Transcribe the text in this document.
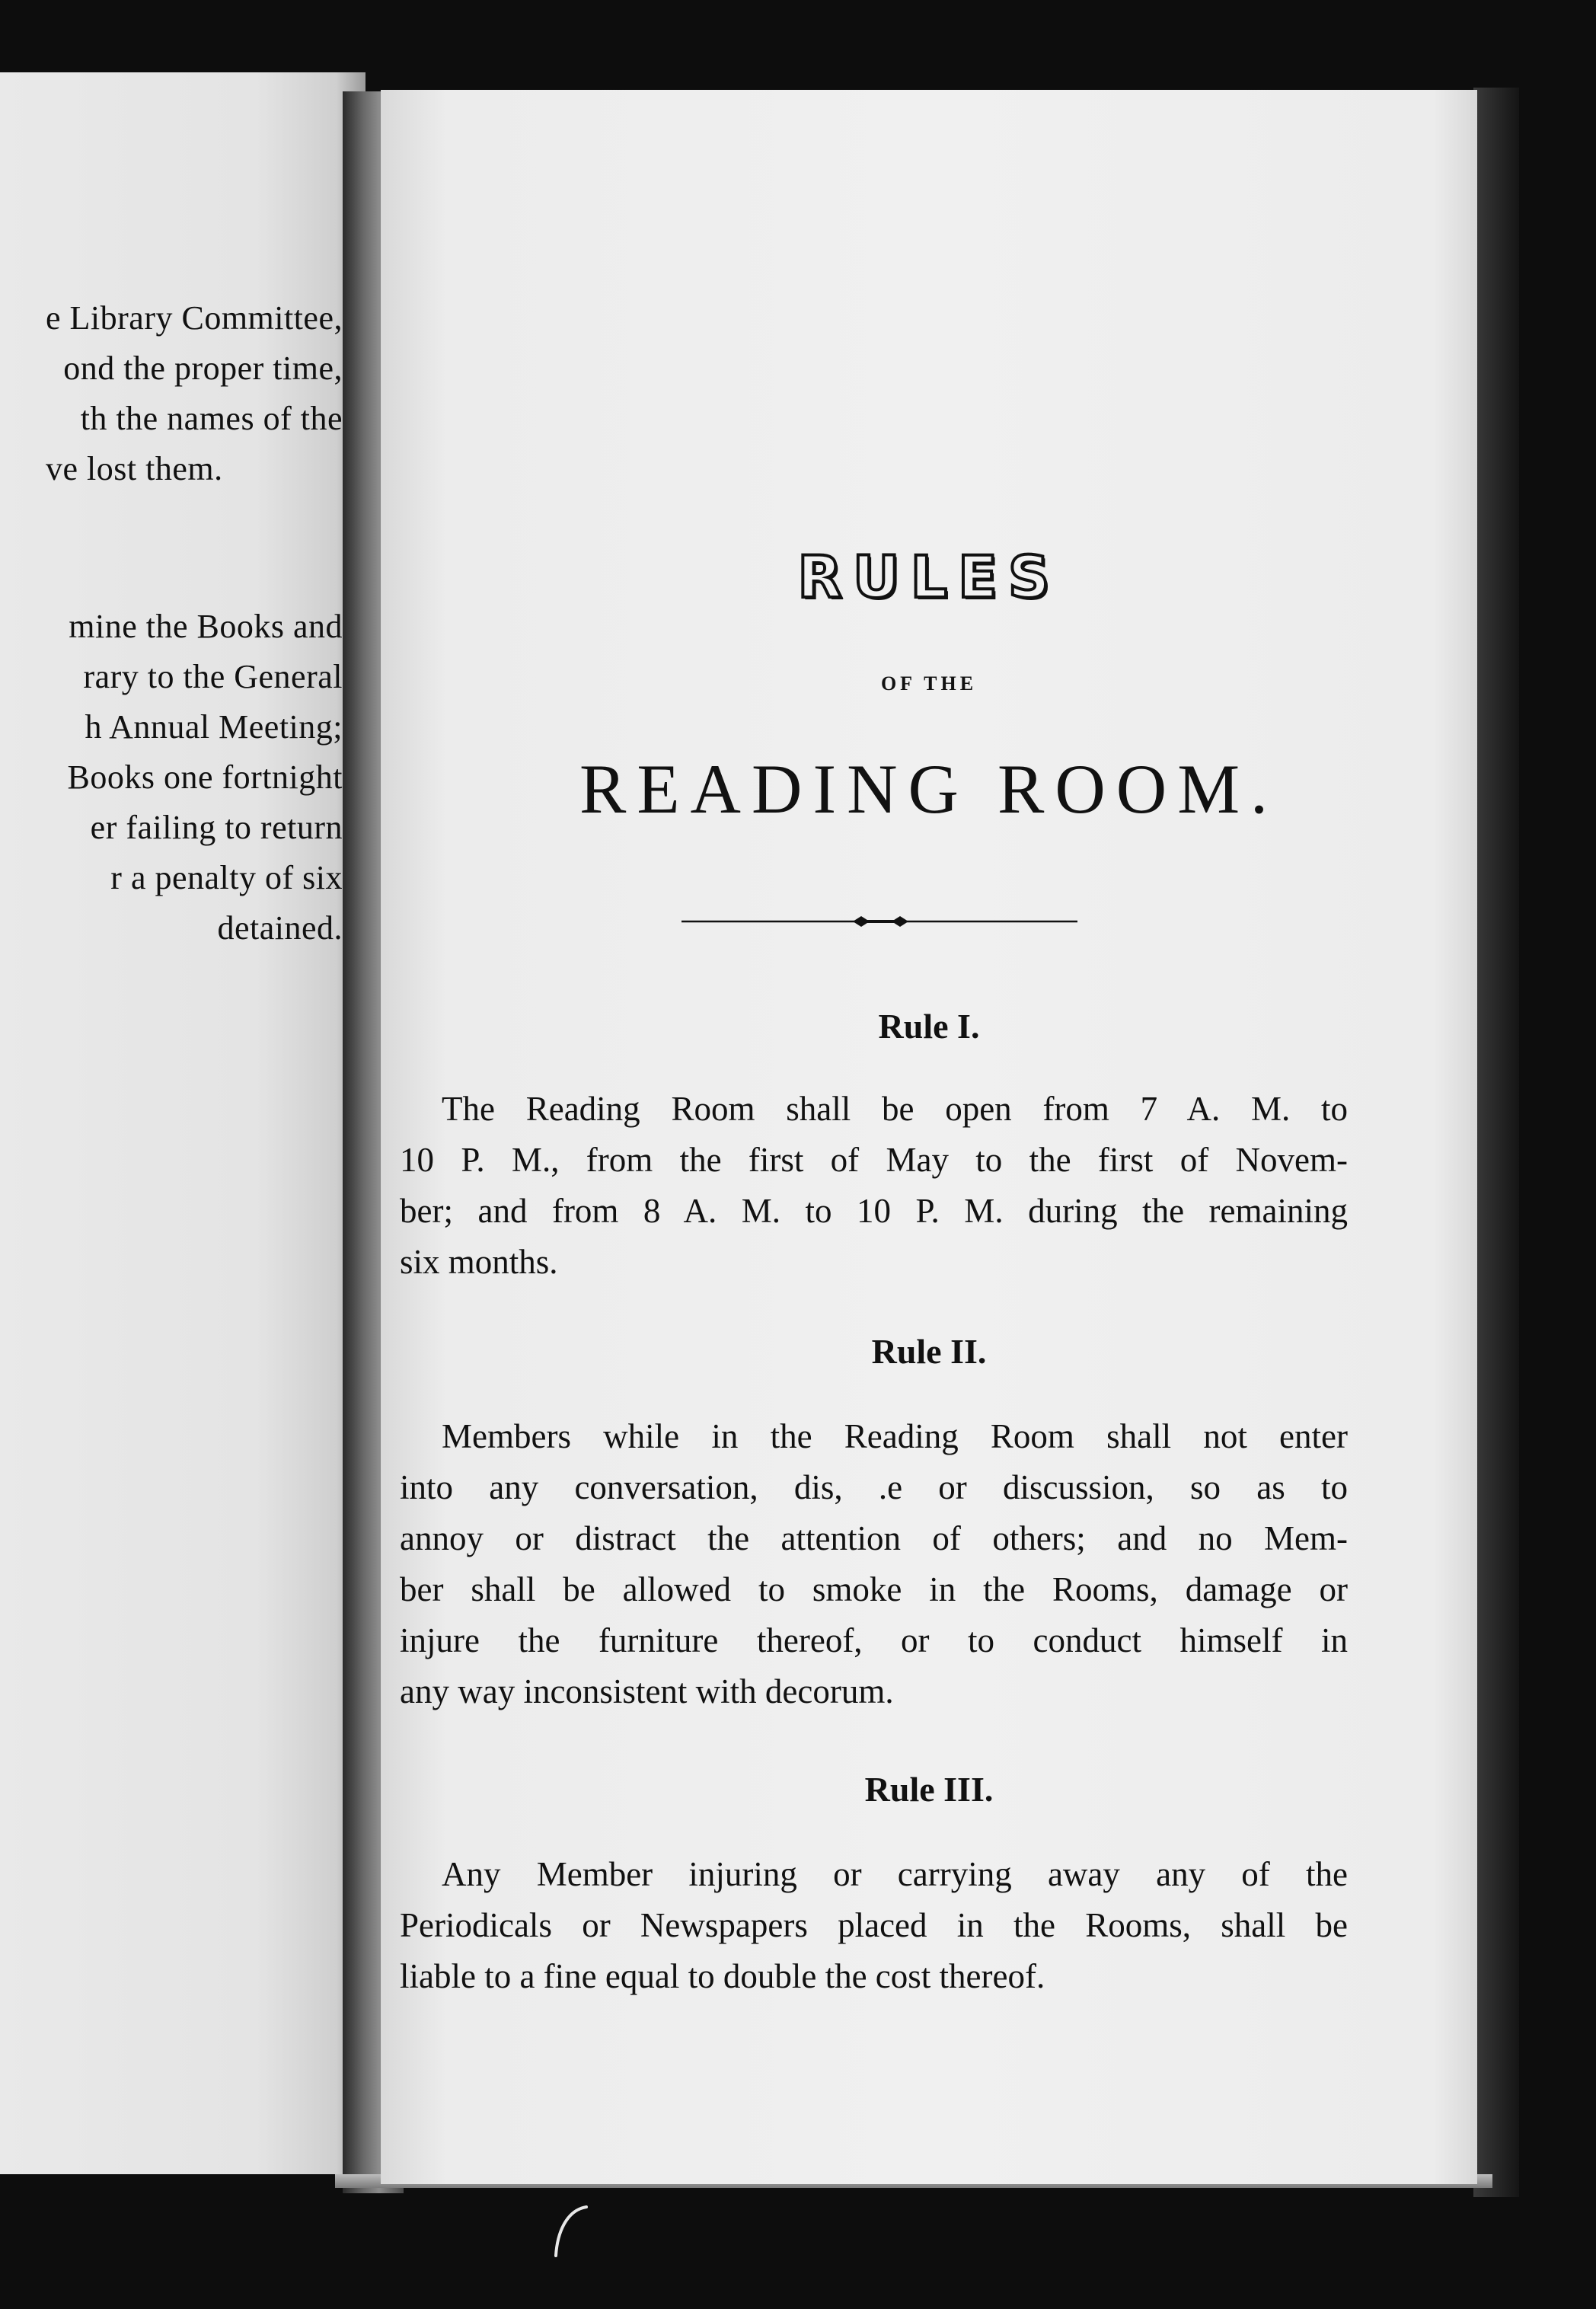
e Library Committee,
ond the proper time,
th the names of the
ve lost them.
mine the Books and
rary to the General
h Annual Meeting;
Books one fortnight
er failing to return
r a penalty of six
detained.
RULES
OF THE
READING ROOM.
Rule I.
The Reading Room shall be open from 7 A. M. to
10 P. M., from the first of May to the first of Novem-
ber; and from 8 A. M. to 10 P. M. during the remaining
six months.
Rule II.
Members while in the Reading Room shall not enter
into any conversation, dis, .e or discussion, so as to
annoy or distract the attention of others; and no Mem-
ber shall be allowed to smoke in the Rooms, damage or
injure the furniture thereof, or to conduct himself in
any way inconsistent with decorum.
Rule III.
Any Member injuring or carrying away any of the
Periodicals or Newspapers placed in the Rooms, shall be
liable to a fine equal to double the cost thereof.
